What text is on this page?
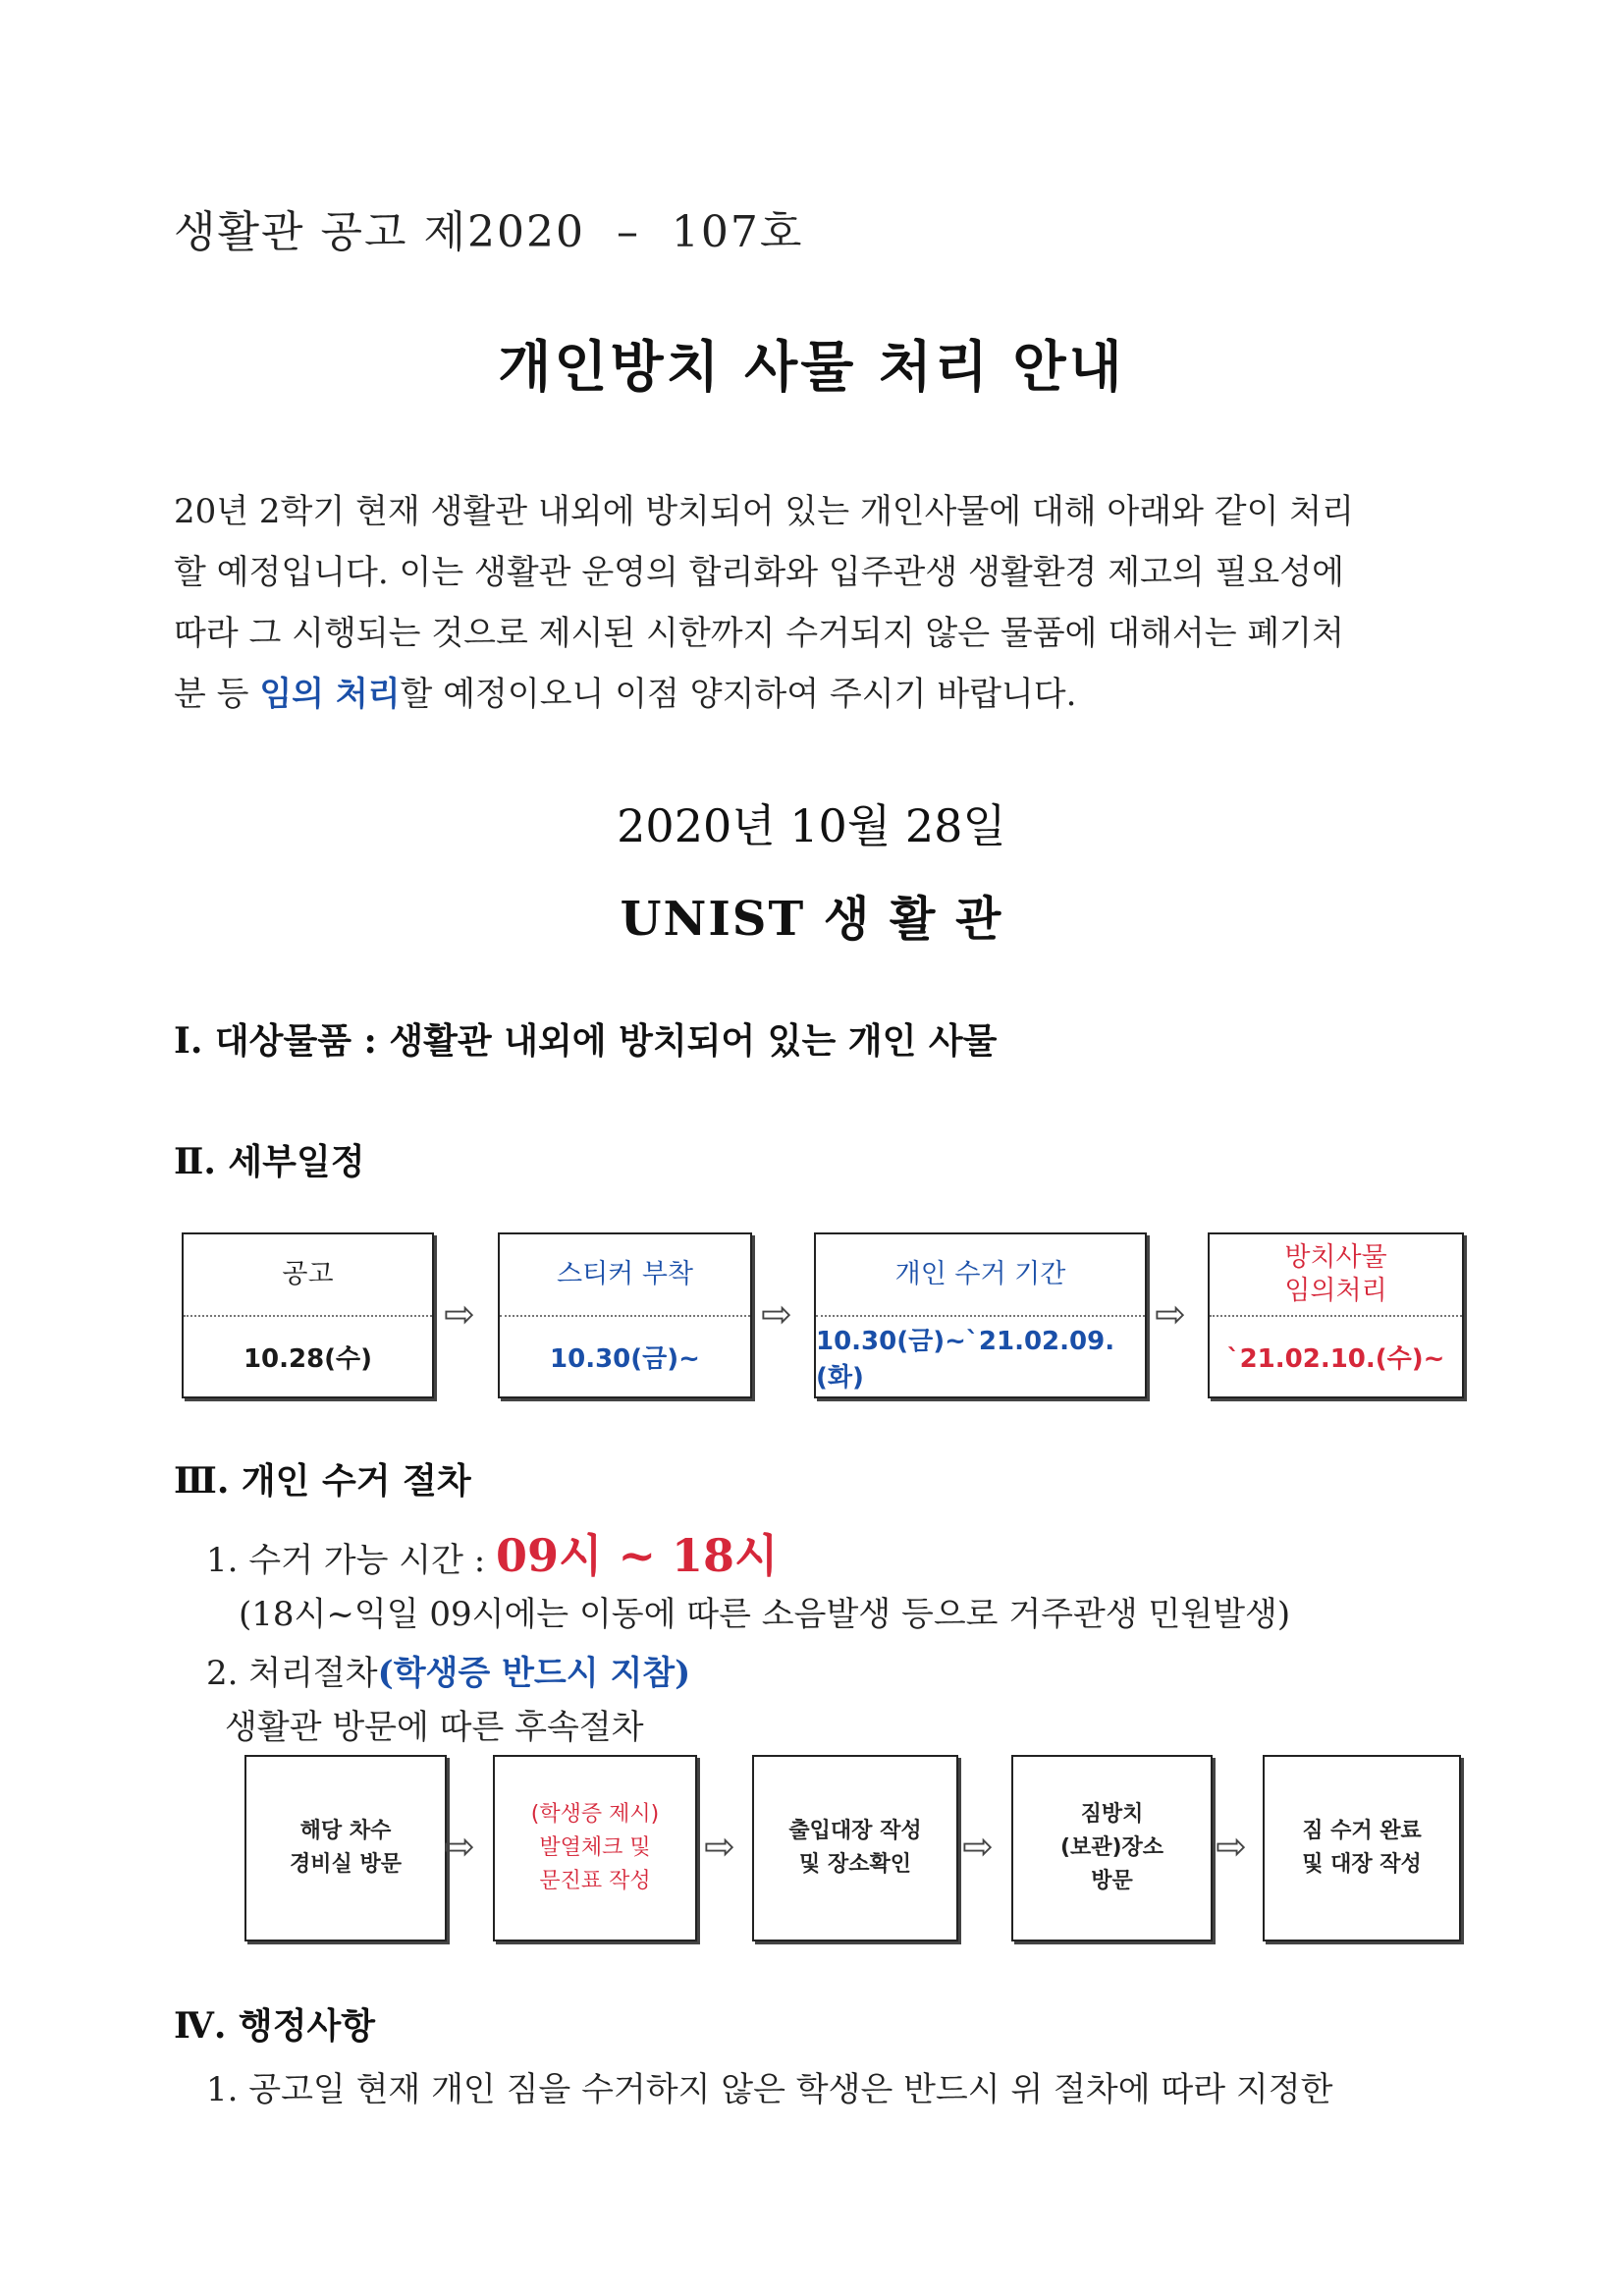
생활관 공고 제2020  –  107호
개인방치 사물 처리 안내

20년 2학기 현재 생활관 내외에 방치되어 있는 개인사물에 대해 아래와 같이 처리

할 예정입니다. 이는 생활관 운영의 합리화와 입주관생 생활환경 제고의 필요성에

따라 그 시행되는 것으로 제시된 시한까지 수거되지 않은 물품에 대해서는 폐기처

분 등 임의 처리할 예정이오니 이점 양지하여 주시기 바랍니다.

2020년 10월 28일
UNIST 생 활 관
Ⅰ. 대상물품 : 생활관 내외에 방치되어 있는 개인 사물
Ⅱ. 세부일정
공고
10.28(수)
⇨
스티커 부착
10.30(금)~
⇨
개인 수거 기간
10.30(금)~`21.02.09.(화)
⇨
방치사물
임의처리
`21.02.10.(수)~
Ⅲ. 개인 수거 절차
1. 수거 가능 시간 : 09시 ~ 18시
(18시~익일 09시에는 이동에 따른 소음발생 등으로 거주관생 민원발생)
2. 처리절차(학생증 반드시 지참)
생활관 방문에 따른 후속절차
해당 차수
경비실 방문 ⇨
(학생증 제시)
발열체크 및
문진표 작성
⇨ 출입대장 작성
및 장소확인 ⇨
짐방치
(보관)장소
방문
⇨	짐 수거 완료
및 대장 작성
Ⅳ. 행정사항
1. 공고일 현재 개인 짐을 수거하지 않은 학생은 반드시 위 절차에 따라 지정한
